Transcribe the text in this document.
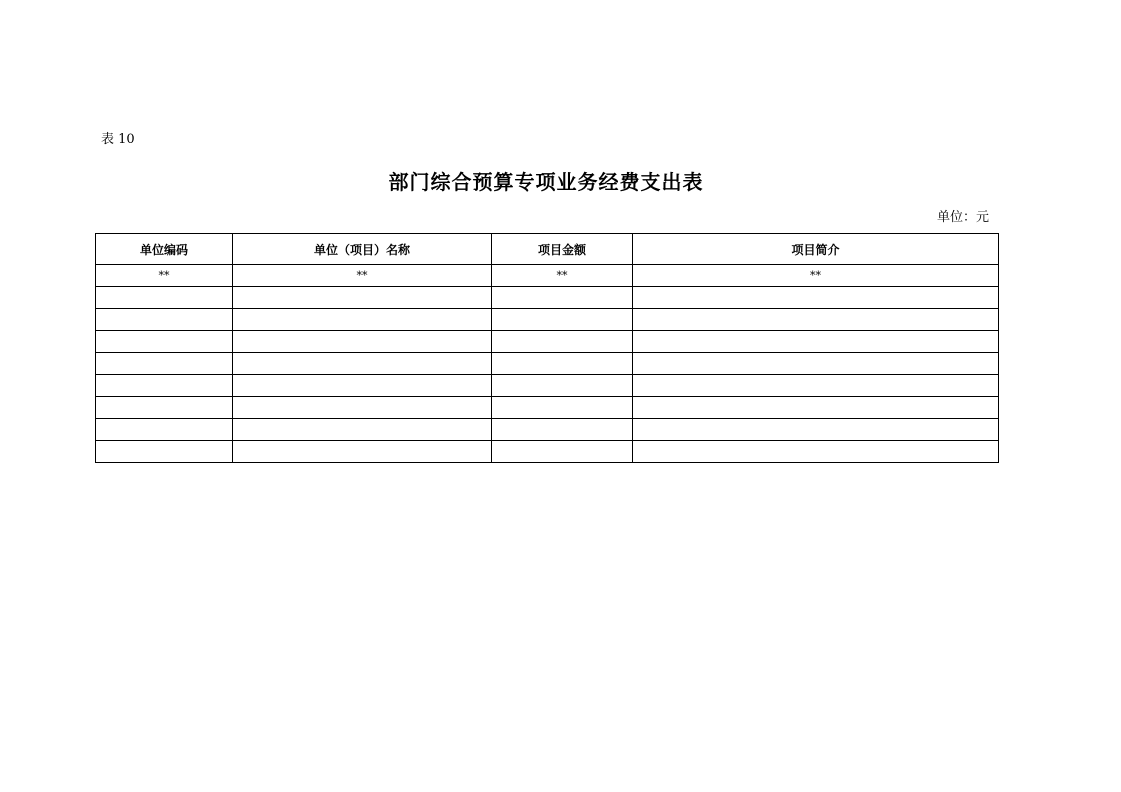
表 10
部门综合预算专项业务经费支出表
单位：元
单位编码	单位（项目）名称	项目金额	项目简介
**	**	**	**
